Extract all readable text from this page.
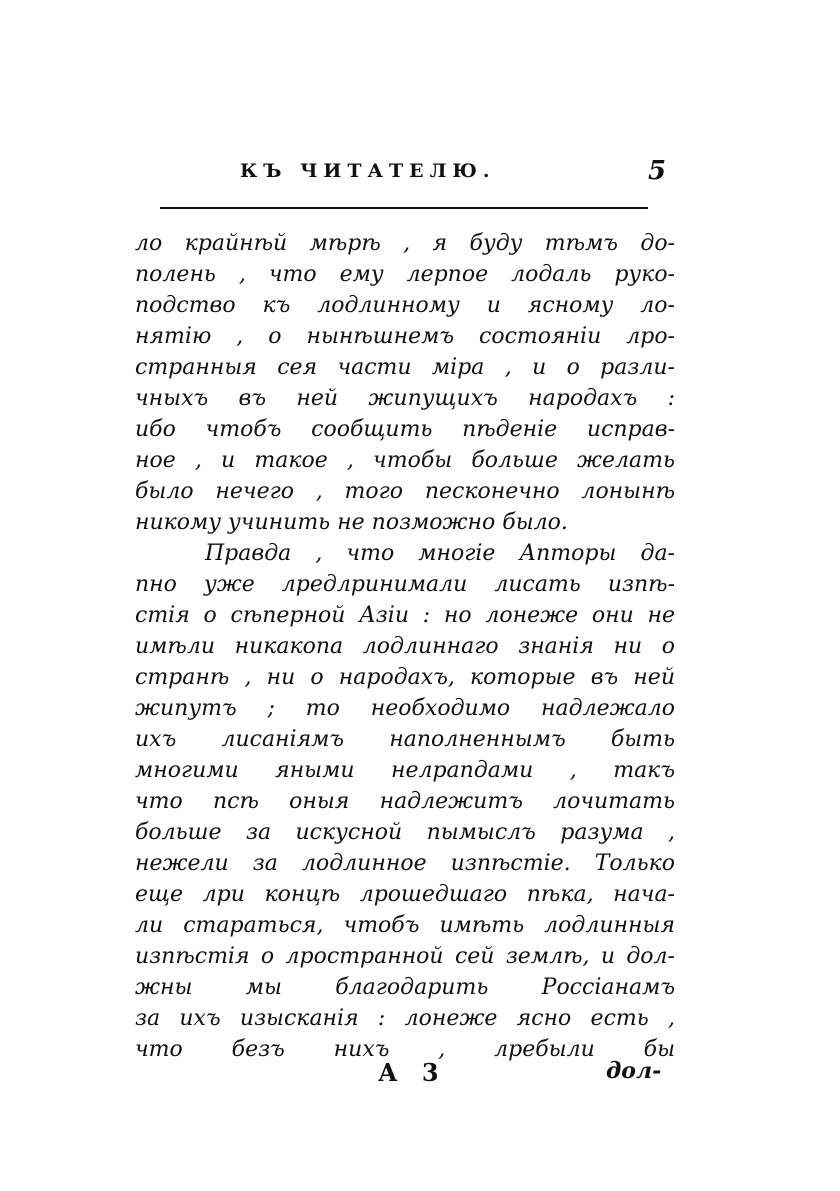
КЪ ЧИТАТЕЛЮ.	5
ло крайнѣй мѣрѣ , я буду тѣмъ до-
полень , что ему лерпое лодаль руко-
подство къ лодлинному и ясному ло-
нятію , о нынѣшнемъ состояніи лро-
странныя сея части міра , и о разли-
чныхъ въ ней жипущихъ народахъ :
ибо чтобъ сообщить пѣденіе исправ-
ное , и такое , чтобы больше желать
было нечего , того песконечно лонынѣ
никому учинить не позможно было.
Правда , что многіе Апторы да-
пно уже лредлринимали лисать изпѣ-
стія о сѣперной Азіи : но лонеже они не
имѣли никакопа лодлиннаго знанія ни о
странѣ , ни о народахъ, которые въ ней
жипутъ ; то необходимо надлежало
ихъ лисаніямъ наполненнымъ быть
многими яными нелрапдами , такъ
что псѣ оныя надлежитъ лочитать
больше за искусной пымыслъ разума ,
нежели за лодлинное изпѣстіе. Только
еще лри концѣ лрошедшаго пѣка, нача-
ли стараться, чтобъ имѣть лодлинныя
изпѣстія о лространной сей землѣ, и дол-
жны мы благодарить Россіанамъ
за ихъ изысканія : лонеже ясно есть ,
что безъ нихъ , лребыли бы
А 3	дол-
